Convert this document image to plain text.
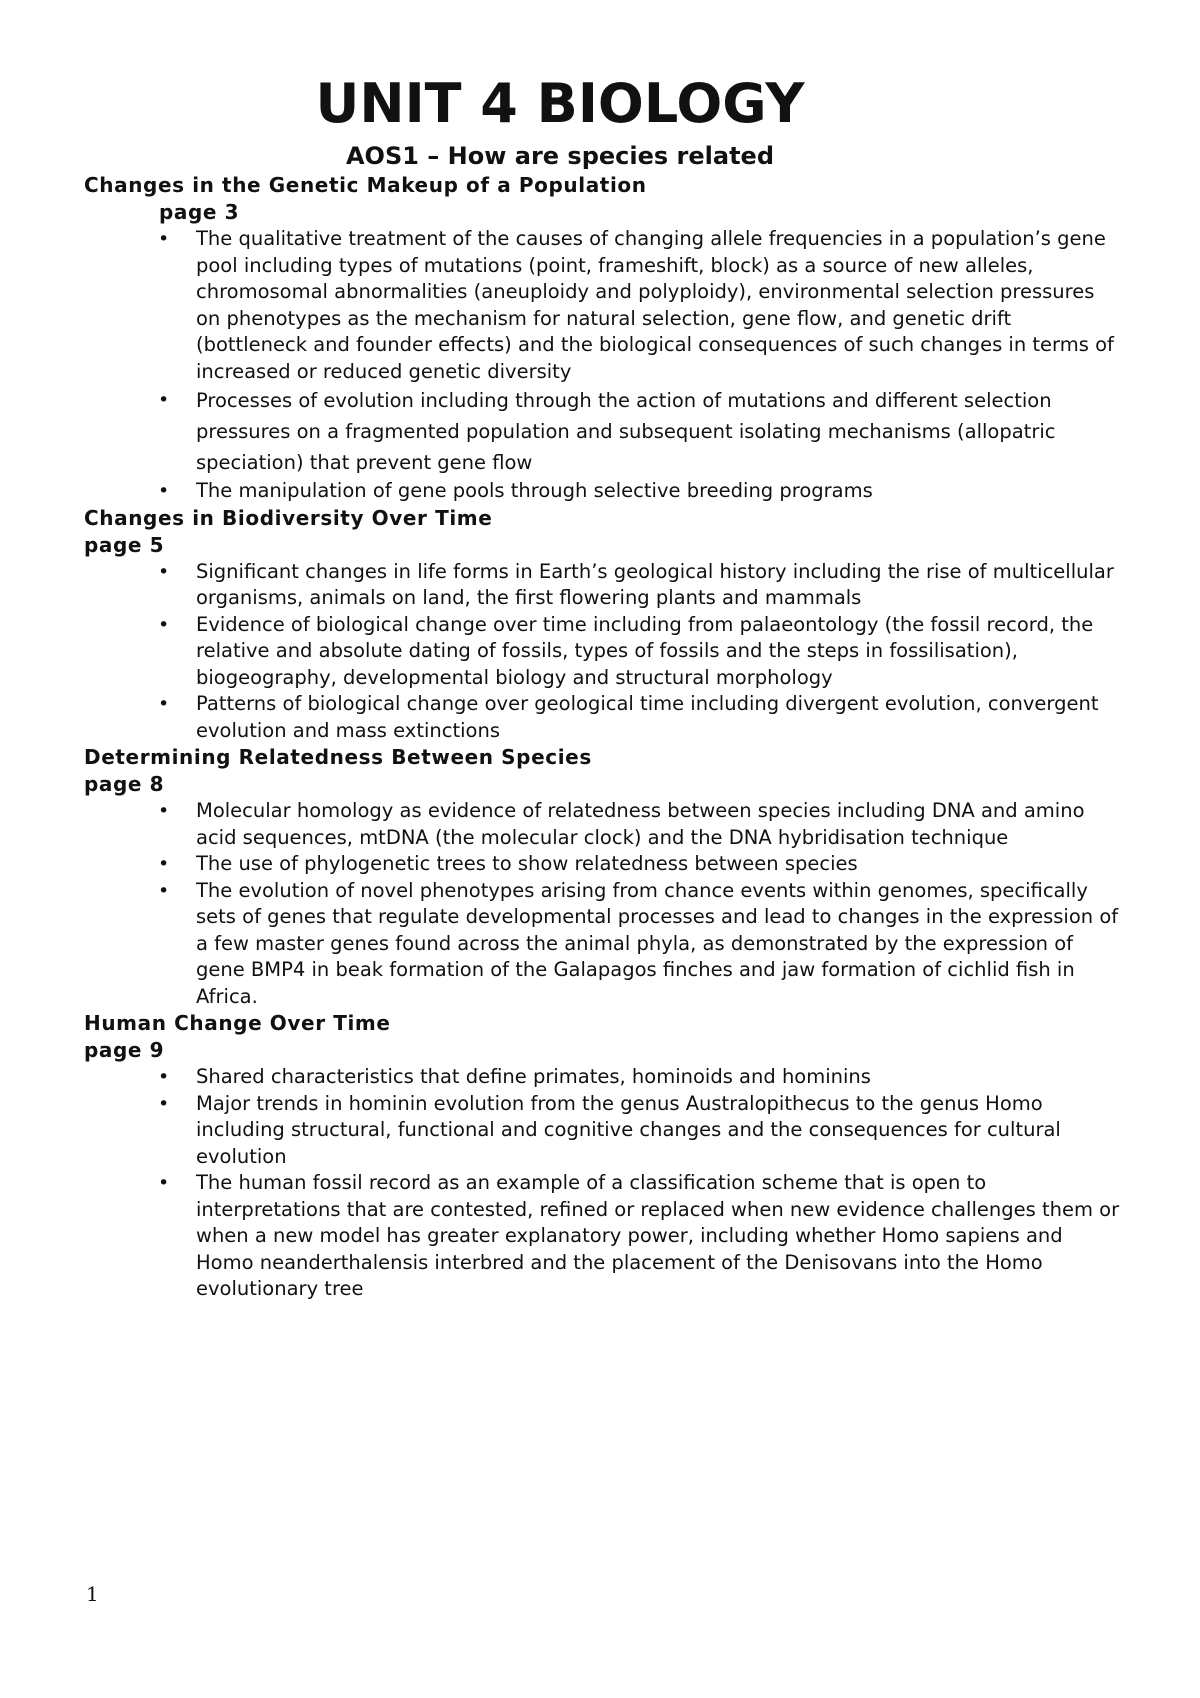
UNIT 4 BIOLOGY
AOS1 – How are species related

Changes in the Genetic Makeup of a Population

page 3

• The qualitative treatment of the causes of changing allele frequencies in a population’s gene pool including types of mutations (point, frameshift, block) as a source of new alleles, chromosomal abnormalities (aneuploidy and polyploidy), environmental selection pressures on phenotypes as the mechanism for natural selection, gene flow, and genetic drift (bottleneck and founder effects) and the biological consequences of such changes in terms of increased or reduced genetic diversity
• Processes of evolution including through the action of mutations and different selection pressures on a fragmented population and subsequent isolating mechanisms (allopatric speciation) that prevent gene flow
• The manipulation of gene pools through selective breeding programs

Changes in Biodiversity Over Time

page 5

• Significant changes in life forms in Earth’s geological history including the rise of multicellular organisms, animals on land, the first flowering plants and mammals
• Evidence of biological change over time including from palaeontology (the fossil record, the relative and absolute dating of fossils, types of fossils and the steps in fossilisation), biogeography, developmental biology and structural morphology
• Patterns of biological change over geological time including divergent evolution, convergent evolution and mass extinctions

Determining Relatedness Between Species

page 8

• Molecular homology as evidence of relatedness between species including DNA and amino acid sequences, mtDNA (the molecular clock) and the DNA hybridisation technique
• The use of phylogenetic trees to show relatedness between species
• The evolution of novel phenotypes arising from chance events within genomes, specifically sets of genes that regulate developmental processes and lead to changes in the expression of a few master genes found across the animal phyla, as demonstrated by the expression of gene BMP4 in beak formation of the Galapagos finches and jaw formation of cichlid fish in Africa.

Human Change Over Time

page 9

• Shared characteristics that define primates, hominoids and hominins
• Major trends in hominin evolution from the genus Australopithecus to the genus Homo including structural, functional and cognitive changes and the consequences for cultural evolution
• The human fossil record as an example of a classification scheme that is open to interpretations that are contested, refined or replaced when new evidence challenges them or when a new model has greater explanatory power, including whether Homo sapiens and Homo neanderthalensis interbred and the placement of the Denisovans into the Homo evolutionary tree
1
